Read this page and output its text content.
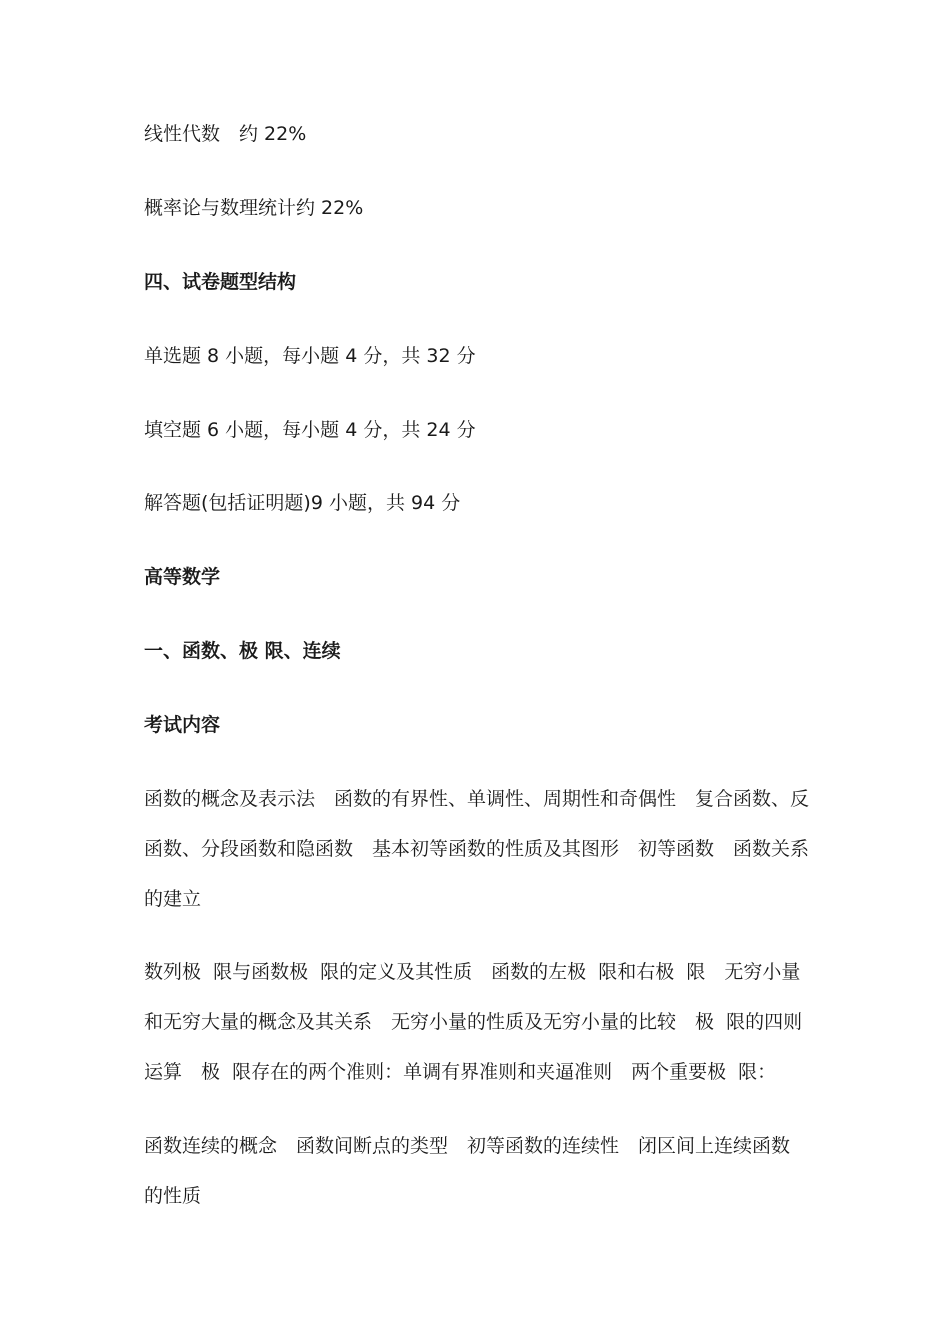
线性代数　约 22%
概率论与数理统计约 22%
四、试卷题型结构
单选题 8 小题，每小题 4 分，共 32 分
填空题 6 小题，每小题 4 分，共 24 分
解答题(包括证明题)9 小题，共 94 分
高等数学
一、函数、极 限、连续
考试内容
函数的概念及表示法　函数的有界性、单调性、周期性和奇偶性　复合函数、反
函数、分段函数和隐函数　基本初等函数的性质及其图形　初等函数　函数关系
的建立
数列极  限与函数极  限的定义及其性质　函数的左极  限和右极  限　无穷小量
和无穷大量的概念及其关系　无穷小量的性质及无穷小量的比较　极  限的四则
运算　极  限存在的两个准则：单调有界准则和夹逼准则　两个重要极  限：
函数连续的概念　函数间断点的类型　初等函数的连续性　闭区间上连续函数
的性质
